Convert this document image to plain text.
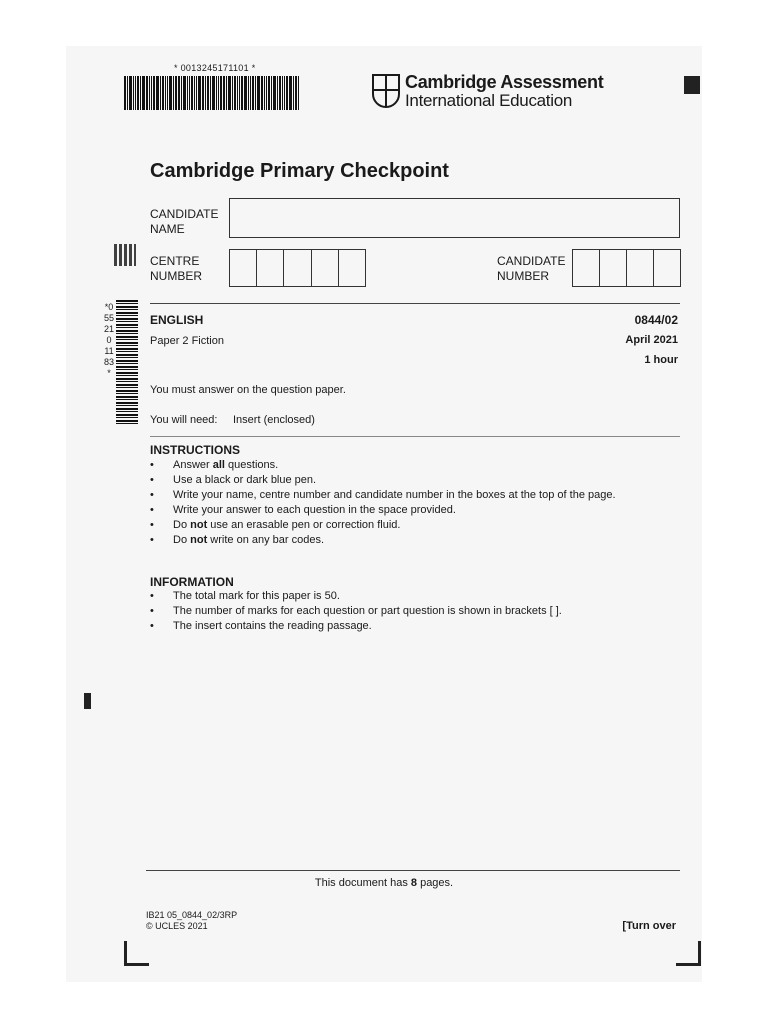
* 0013245171101 *
Cambridge Assessment
International Education
Cambridge Primary Checkpoint
CANDIDATE
NAME
CENTRE
NUMBER
CANDIDATE
NUMBER
*0552101183*
ENGLISH
Paper 2 Fiction
0844/02
April 2021
1 hour
You must answer on the question paper.
You will need: Insert (enclosed)
INSTRUCTIONS
• Answer all questions.
• Use a black or dark blue pen.
• Write your name, centre number and candidate number in the boxes at the top of the page.
• Write your answer to each question in the space provided.
• Do not use an erasable pen or correction fluid.
• Do not write on any bar codes.
INFORMATION
• The total mark for this paper is 50.
• The number of marks for each question or part question is shown in brackets [ ].
• The insert contains the reading passage.
This document has 8 pages.
IB21 05_0844_02/3RP
© UCLES 2021	[Turn over
